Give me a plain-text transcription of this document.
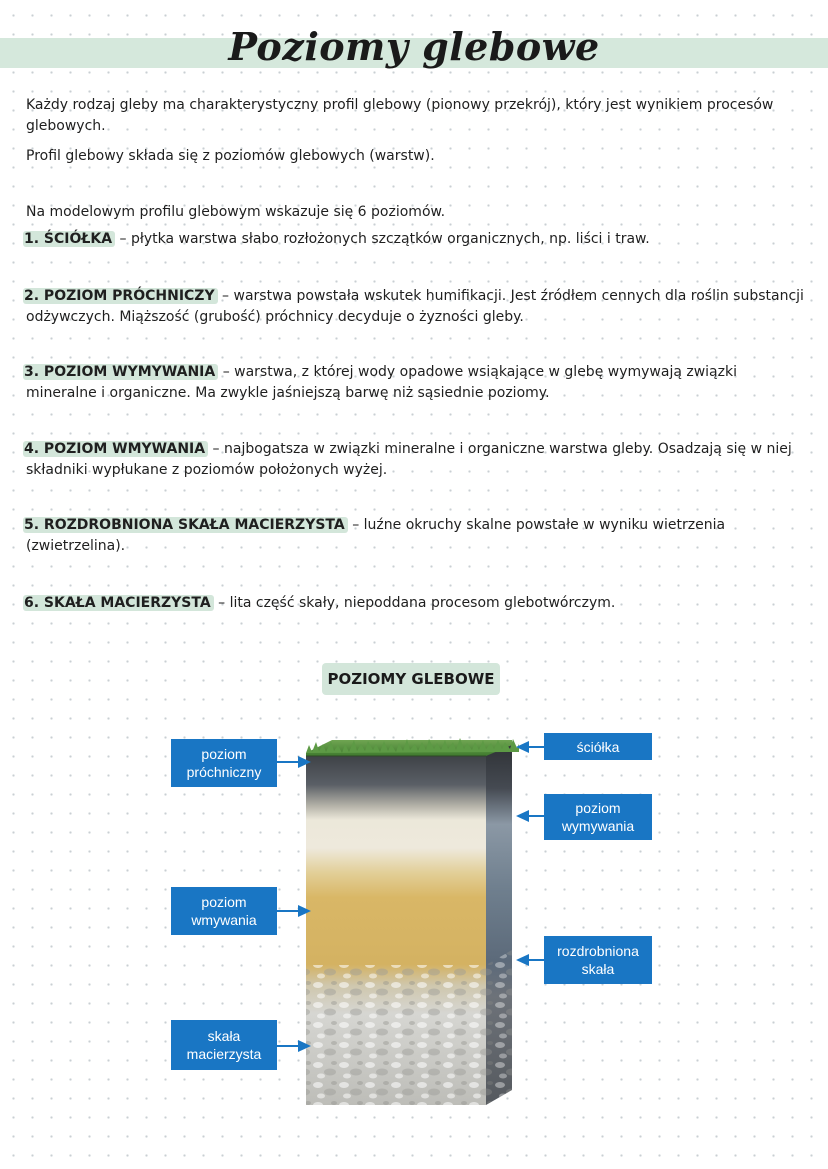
Poziomy glebowe
Każdy rodzaj gleby ma charakterystyczny profil glebowy (pionowy przekrój), który jest wynikiem procesów glebowych.
Profil glebowy składa się z poziomów glebowych (warstw).
Na modelowym profilu glebowym wskazuje się 6 poziomów.
1. ŚCIÓŁKA – płytka warstwa słabo rozłożonych szczątków organicznych, np. liści i traw.
2. POZIOM PRÓCHNICZY – warstwa powstała wskutek humifikacji. Jest źródłem cennych dla roślin substancji odżywczych. Miąższość (grubość) próchnicy decyduje o żyzności gleby.
3. POZIOM WYMYWANIA – warstwa, z której wody opadowe wsiąkające w glebę wymywają związki mineralne i organiczne. Ma zwykle jaśniejszą barwę niż sąsiednie poziomy.
4. POZIOM WMYWANIA – najbogatsza w związki mineralne i organiczne warstwa gleby. Osadzają się w niej składniki wypłukane z poziomów położonych wyżej.
5. ROZDROBNIONA SKAŁA MACIERZYSTA – luźne okruchy skalne powstałe w wyniku wietrzenia (zwietrzelina).
6. SKAŁA MACIERZYSTA – lita część skały, niepoddana procesom glebotwórczym.
POZIOMY GLEBOWE
poziom
próchniczny
ściółka
poziom
wymywania
poziom
wmywania
rozdrobniona
skała
skała
macierzysta
